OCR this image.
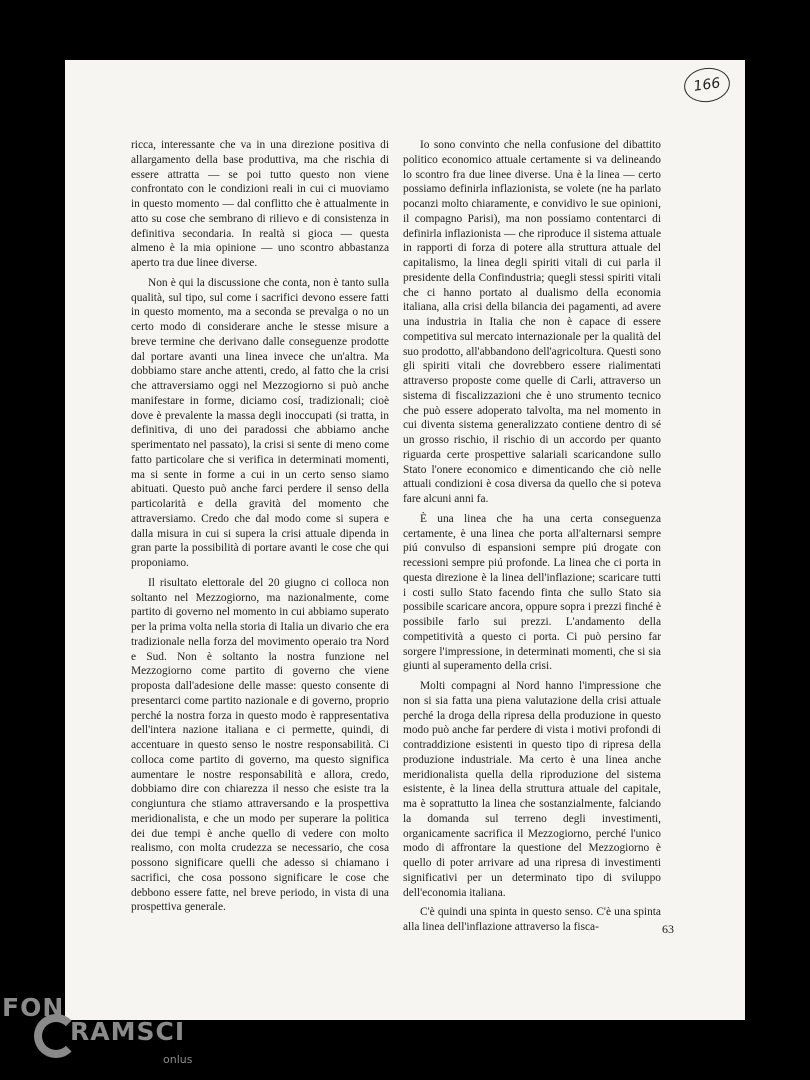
166

ricca, interessante che va in una direzione positiva di allargamento della base produttiva, ma che rischia di essere attratta — se poi tutto questo non viene confrontato con le condizioni reali in cui ci muoviamo in questo momento — dal conflitto che è attualmente in atto su cose che sembrano di rilievo e di consistenza in definitiva secondaria. In realtà si gioca — questa almeno è la mia opinione — uno scontro abbastanza aperto tra due linee diverse.

Non è qui la discussione che conta, non è tanto sulla qualità, sul tipo, sul come i sacrifici devono essere fatti in questo momento, ma a seconda se prevalga o no un certo modo di considerare anche le stesse misure a breve termine che derivano dalle conseguenze prodotte dal portare avanti una linea invece che un'altra. Ma dobbiamo stare anche attenti, credo, al fatto che la crisi che attraversiamo oggi nel Mezzogiorno si può anche manifestare in forme, diciamo cosí, tradizionali; cioè dove è prevalente la massa degli inoccupati (si tratta, in definitiva, di uno dei paradossi che abbiamo anche sperimentato nel passato), la crisi si sente di meno come fatto particolare che si verifica in determinati momenti, ma si sente in forme a cui in un certo senso siamo abituati. Questo può anche farci perdere il senso della particolarità e della gravità del momento che attraversiamo. Credo che dal modo come si supera e dalla misura in cui si supera la crisi attuale dipenda in gran parte la possibilità di portare avanti le cose che qui proponiamo.

Il risultato elettorale del 20 giugno ci colloca non soltanto nel Mezzogiorno, ma nazionalmente, come partito di governo nel momento in cui abbiamo superato per la prima volta nella storia di Italia un divario che era tradizionale nella forza del movimento operaio tra Nord e Sud. Non è soltanto la nostra funzione nel Mezzogiorno come partito di governo che viene proposta dall'adesione delle masse: questo consente di presentarci come partito nazionale e di governo, proprio perché la nostra forza in questo modo è rappresentativa dell'intera nazione italiana e ci permette, quindi, di accentuare in questo senso le nostre responsabilità. Ci colloca come partito di governo, ma questo significa aumentare le nostre responsabilità e allora, credo, dobbiamo dire con chiarezza il nesso che esiste tra la congiuntura che stiamo attraversando e la prospettiva meridionalista, e che un modo per superare la politica dei due tempi è anche quello di vedere con molto realismo, con molta crudezza se necessario, che cosa possono significare quelli che adesso si chiamano i sacrifici, che cosa possono significare le cose che debbono essere fatte, nel breve periodo, in vista di una prospettiva generale.

Io sono convinto che nella confusione del dibattito politico economico attuale certamente si va delineando lo scontro fra due linee diverse. Una è la linea — certo possiamo definirla inflazionista, se volete (ne ha parlato pocanzi molto chiaramente, e convidivo le sue opinioni, il compagno Parisi), ma non possiamo contentarci di definirla inflazionista — che riproduce il sistema attuale in rapporti di forza di potere alla struttura attuale del capitalismo, la linea degli spiriti vitali di cui parla il presidente della Confindustria; quegli stessi spiriti vitali che ci hanno portato al dualismo della economia italiana, alla crisi della bilancia dei pagamenti, ad avere una industria in Italia che non è capace di essere competitiva sul mercato internazionale per la qualità del suo prodotto, all'abbandono dell'agricoltura. Questi sono gli spiriti vitali che dovrebbero essere rialimentati attraverso proposte come quelle di Carli, attraverso un sistema di fiscalizzazioni che è uno strumento tecnico che può essere adoperato talvolta, ma nel momento in cui diventa sistema generalizzato contiene dentro di sé un grosso rischio, il rischio di un accordo per quanto riguarda certe prospettive salariali scaricandone sullo Stato l'onere economico e dimenticando che ciò nelle attuali condizioni è cosa diversa da quello che si poteva fare alcuni anni fa.

È una linea che ha una certa conseguenza certamente, è una linea che porta all'alternarsi sempre piú convulso di espansioni sempre piú drogate con recessioni sempre piú profonde. La linea che ci porta in questa direzione è la linea dell'inflazione; scaricare tutti i costi sullo Stato facendo finta che sullo Stato sia possibile scaricare ancora, oppure sopra i prezzi finché è possibile farlo sui prezzi. L'andamento della competitività a questo ci porta. Ci può persino far sorgere l'impressione, in determinati momenti, che si sia giunti al superamento della crisi.

Molti compagni al Nord hanno l'impressione che non si sia fatta una piena valutazione della crisi attuale perché la droga della ripresa della produzione in questo modo può anche far perdere di vista i motivi profondi di contraddizione esistenti in questo tipo di ripresa della produzione industriale. Ma certo è una linea anche meridionalista quella della riproduzione del sistema esistente, è la linea della struttura attuale del capitale, ma è soprattutto la linea che sostanzialmente, falciando la domanda sul terreno degli investimenti, organicamente sacrifica il Mezzogiorno, perché l'unico modo di affrontare la questione del Mezzogiorno è quello di poter arrivare ad una ripresa di investimenti significativi per un determinato tipo di sviluppo dell'economia italiana.

C'è quindi una spinta in questo senso. C'è una spinta alla linea dell'inflazione attraverso la fisca-	63
FON
RAMSCI
onlus
